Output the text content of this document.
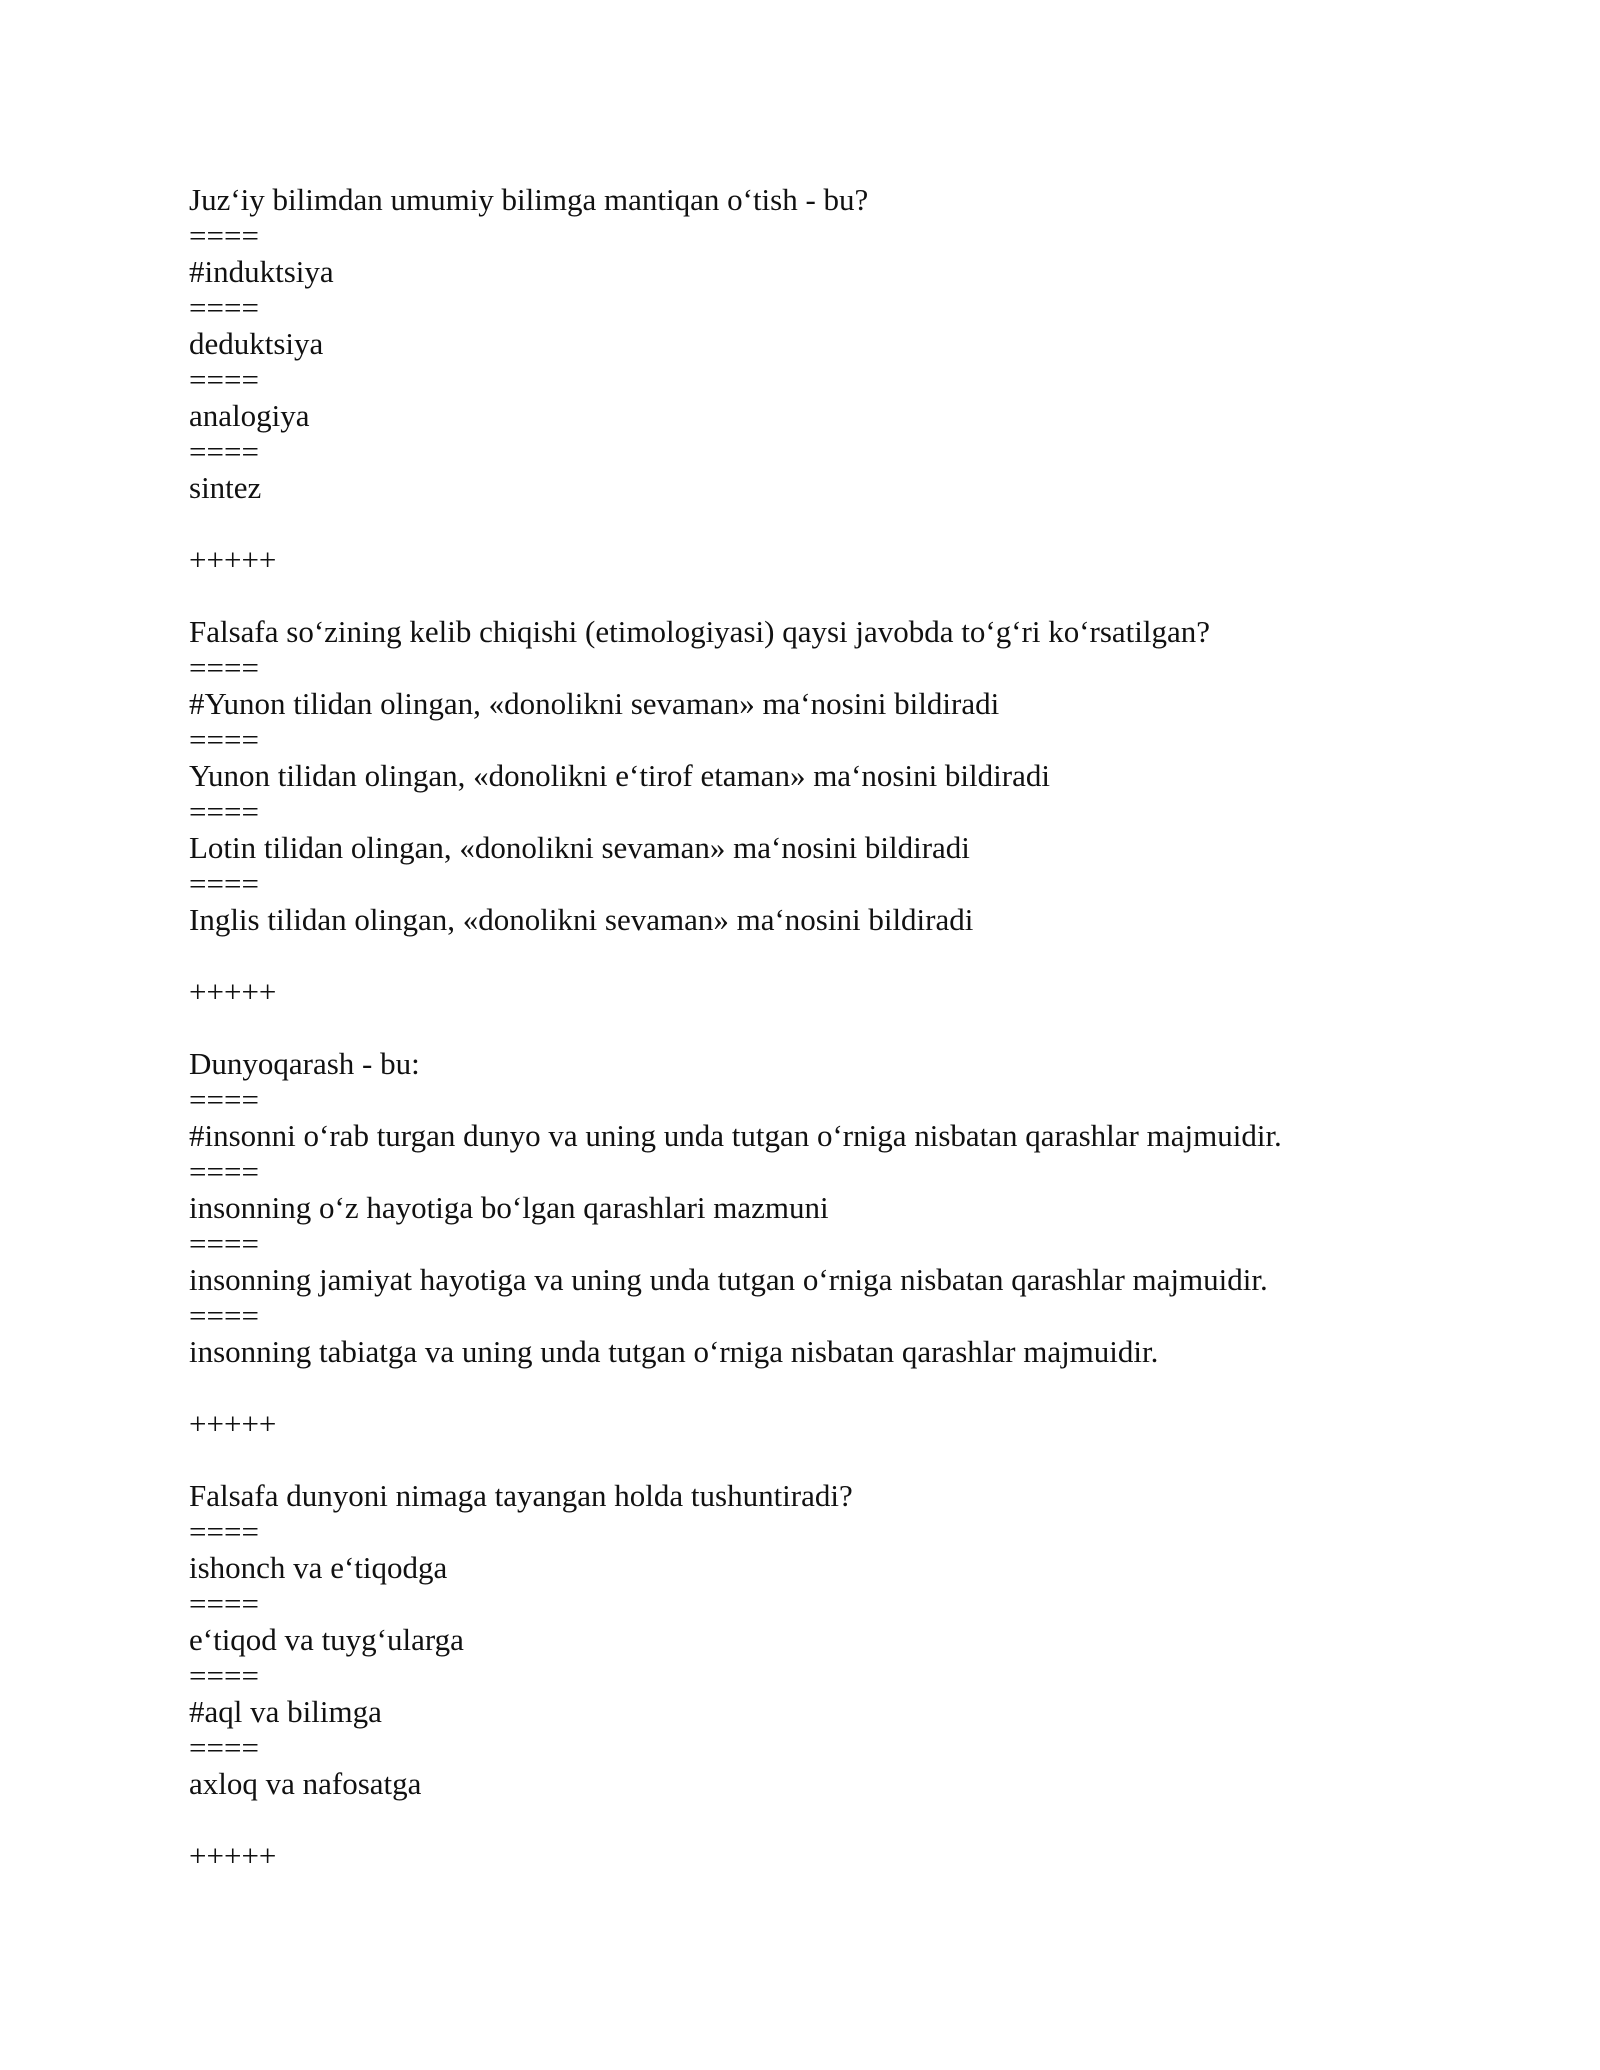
Juz‘iy bilimdan umumiy bilimga mantiqan o‘tish - bu?
====
#induktsiya
====
deduktsiya
====
analogiya
====
sintez
+++++
Falsafa so‘zining kelib chiqishi (etimologiyasi) qaysi javobda to‘g‘ri ko‘rsatilgan?
====
#Yunon tilidan olingan, «donolikni sevaman» ma‘nosini bildiradi
====
Yunon tilidan olingan, «donolikni e‘tirof etaman» ma‘nosini bildiradi
====
Lotin tilidan olingan, «donolikni sevaman» ma‘nosini bildiradi
====
Inglis tilidan olingan, «donolikni sevaman» ma‘nosini bildiradi
+++++
Dunyoqarash - bu:
====
#insonni o‘rab turgan dunyo va uning unda tutgan o‘rniga nisbatan qarashlar majmuidir.
====
insonning o‘z hayotiga bo‘lgan qarashlari mazmuni
====
insonning jamiyat hayotiga va uning unda tutgan o‘rniga nisbatan qarashlar majmuidir.
====
insonning tabiatga va uning unda tutgan o‘rniga nisbatan qarashlar majmuidir.
+++++
Falsafa dunyoni nimaga tayangan holda tushuntiradi?
====
ishonch va e‘tiqodga
====
e‘tiqod va tuyg‘ularga
====
#aql va bilimga
====
axloq va nafosatga
+++++
